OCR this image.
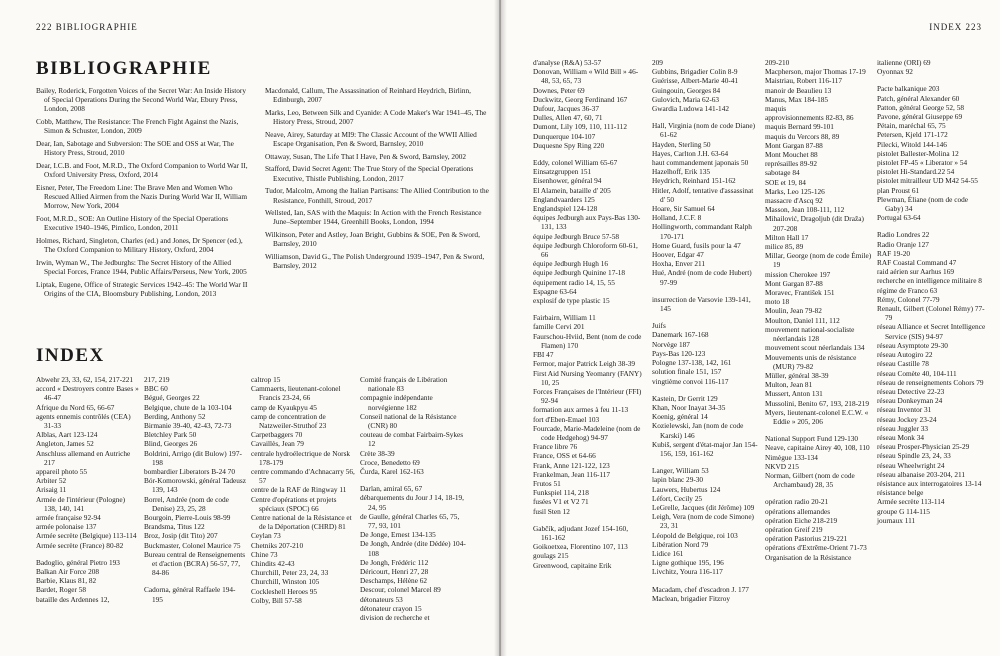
222 BIBLIOGRAPHIE
BIBLIOGRAPHIE

Bailey, Roderick, Forgotten Voices of the Secret War: An Inside History of Special Operations During the Second World War, Ebury Press, London, 2008

Cobb, Matthew, The Resistance: The French Fight Against the Nazis, Simon & Schuster, London, 2009

Dear, Ian, Sabotage and Subversion: The SOE and OSS at War, The History Press, Stroud, 2010

Dear, I.C.B. and Foot, M.R.D., The Oxford Companion to World War II, Oxford University Press, Oxford, 2014

Eisner, Peter, The Freedom Line: The Brave Men and Women Who Rescued Allied Airmen from the Nazis During World War II, William Morrow, New York, 2004

Foot, M.R.D., SOE: An Outline History of the Special Operations Executive 1940–1946, Pimlico, London, 2011

Holmes, Richard, Singleton, Charles (ed.) and Jones, Dr Spencer (ed.), The Oxford Companion to Military History, Oxford, 2004

Irwin, Wyman W., The Jedburghs: The Secret History of the Allied Special Forces, France 1944, Public Affairs/Perseus, New York, 2005

Liptak, Eugene, Office of Strategic Services 1942–45: The World War II Origins of the CIA, Bloomsbury Publishing, London, 2013

Macdonald, Callum, The Assassination of Reinhard Heydrich, Birlinn, Edinburgh, 2007

Marks, Leo, Between Silk and Cyanide: A Code Maker's War 1941–45, The History Press, Stroud, 2007

Neave, Airey, Saturday at MI9: The Classic Account of the WWII Allied Escape Organisation, Pen & Sword, Barnsley, 2010

Ottaway, Susan, The Life That I Have, Pen & Sword, Barnsley, 2002

Stafford, David Secret Agent: The True Story of the Special Operations Executive, Thistle Publishing, London, 2017

Tudor, Malcolm, Among the Italian Partisans: The Allied Contribution to the Resistance, Fonthill, Stroud, 2017

Wellsted, Ian, SAS with the Maquis: In Action with the French Resistance June–September 1944, Greenhill Books, London, 1994

Wilkinson, Peter and Astley, Joan Bright, Gubbins & SOE, Pen & Sword, Barnsley, 2010

Williamson, David G., The Polish Underground 1939–1947, Pen & Sword, Barnsley, 2012

INDEX

Abwehr 23, 33, 62, 154, 217-221

accord « Destroyers contre Bases » 46-47

Afrique du Nord 65, 66-67

agents ennemis contrôlés (CEA) 31-33

Alblas, Aart 123-124

Angleton, James 52

Anschluss allemand en Autriche 217

appareil photo 55

Arbiter 52

Arisaig 11

Armée de l'intérieur (Pologne) 138, 140, 141

armée française 92-94

armée polonaise 137

Armée secrète (Belgique) 113-114

Armée secrète (France) 80-82

Badoglio, général Pietro 193

Balkan Air Force 208

Barbie, Klaus 81, 82

Bardet, Roger 58

bataille des Ardennes 12,

217, 219

BBC 60

Bégué, Georges 22

Belgique, chute de la 103-104

Berding, Anthony 52

Birmanie 39-40, 42-43, 72-73

Bletchley Park 50

Blind, Georges 26

Boldrini, Arrigo (dit Bulow) 197-198

bombardier Liberators B-24 70

Bór-Komorowski, général Tadeusz 139, 143

Borrel, Andrée (nom de code Denise) 23, 25, 28

Bourgoin, Pierre-Louis 98-99

Brandsma, Titus 122

Broz, Josip (dit Tito) 207

Buckmaster, Colonel Maurice 75

Bureau central de Renseignements et d'action (BCRA) 56-57, 77, 84-86

Cadorna, général Raffaele 194-195

caltrop 15

Cammaerts, lieutenant-colonel Francis 23-24, 66

camp de Kyaukpyu 45

camp de concentration de Natzweiler-Struthof 23

Carpetbaggers 70

Cavaillès, Jean 79

centrale hydroélectrique de Norsk 178-179

centre commando d'Achnacarry 56, 57

centre de la RAF de Ringway 11

Centre d'opérations et projets spéciaux (SPOC) 66

Centre national de la Résistance et de la Déportation (CHRD) 81

Ceylan 73

Chetniks 207-210

Chine 73

Chindits 42-43

Churchill, Peter 23, 24, 33

Churchill, Winston 105

Cockleshell Heroes 95

Colby, Bill 57-58

Comité français de Libération nationale 83

compagnie indépendante norvégienne 182

Conseil national de la Résistance (CNR) 80

couteau de combat Fairbairn-Sykes 12

Crète 38-39

Croce, Benedetto 69

Čurda, Karel 162-163

Darlan, amiral 65, 67

débarquements du Jour J 14, 18-19, 24, 95

de Gaulle, général Charles 65, 75, 77, 93, 101

De Jonge, Ernest 134-135

De Jongh, Andrée (dite Dédée) 104-108

De Jongh, Frédéric 112

Déricourt, Henri 27, 28

Deschamps, Hélène 62

Descour, colonel Marcel 89

détonateurs 53

détonateur crayon 15

division de recherche et

INDEX 223

d'analyse (R&A) 53-57

Donovan, William « Wild Bill » 46-48, 53, 65, 73

Downes, Peter 69

Duckwitz, Georg Ferdinand 167

Dufour, Jacques 36-37

Dulles, Allen 47, 60, 71

Dumont, Lily 109, 110, 111-112

Dunquerque 104-107

Duquesne Spy Ring 220

Eddy, colonel William 65-67

Einsatzgruppen 151

Eisenhower, général 94

El Alamein, bataille d' 205

Englandvaarders 125

Englandspiel 124-128

équipes Jedburgh aux Pays-Bas 130-131, 133

équipe Jedburgh Bruce 57-58

équipe Jedburgh Chloroform 60-61, 66

équipe Jedburgh Hugh 16

équipe Jedburgh Quinine 17-18

équipement radio 14, 15, 55

Espagne 63-64

explosif de type plastic 15

Fairbairn, William 11

famille Cervi 201

Faurschou-Hviid, Bent (nom de code Flamen) 170

FBI 47

Fermor, major Patrick Leigh 38-39

First Aid Nursing Yeomanry (FANY) 10, 25

Forces Françaises de l'Intérieur (FFI) 92-94

formation aux armes à feu 11-13

fort d'Eben-Emael 103

Fourcade, Marie-Madeleine (nom de code Hedgehog) 94-97

France libre 76

France, OSS et 64-66

Frank, Anne 121-122, 123

Frankelman, Jean 116-117

Frutos 51

Funkspiel 114, 218

fusées V1 et V2 71

fusil Sten 12

Gabčík, adjudant Jozef 154-160, 161-162

Goikoetxea, Florentino 107, 113

goulags 215

Greenwood, capitaine Erik

209

Gubbins, Brigadier Colin 8-9

Guérisse, Albert-Marie 40-41

Guingouin, Georges 84

Gulovich, Maria 62-63

Gwardia Ludowa 141-142

Hall, Virginia (nom de code Diane) 61-62

Hayden, Sterling 50

Hayes, Carlton J.H. 63-64

haut commandement japonais 50

Hazelhoff, Erik 135

Heydrich, Reinhard 151-162

Hitler, Adolf, tentative d'assassinat d' 50

Hoare, Sir Samuel 64

Holland, J.C.F. 8

Hollingworth, commandant Ralph 170-171

Home Guard, fusils pour la 47

Hoover, Edgar 47

Hoxha, Enver 211

Hué, André (nom de code Hubert) 97-99

insurrection de Varsovie 139-141, 145

Juifs

Danemark 167-168

Norvège 187

Pays-Bas 120-123

Pologne 137-138, 142, 161

solution finale 151, 157

vingtième convoi 116-117

Kastein, Dr Gerrit 129

Khan, Noor Inayat 34-35

Koenig, général 14

Kozielewski, Jan (nom de code Karski) 146

Kubiš, sergent d'état-major Jan 154-156, 159, 161-162

Langer, William 53

lapin blanc 29-30

Lauwers, Hubertus 124

Léfort, Cecily 25

LeGrelle, Jacques (dit Jérôme) 109

Leigh, Vera (nom de code Simone) 23, 31

Léopold de Belgique, roi 103

Libération Nord 79

Lidice 161

Ligne gothique 195, 196

Livchitz, Youra 116-117

Macadam, chef d'escadron J. 177

Maclean, brigadier Fitzroy

209-210

Macpherson, major Thomas 17-19

Maistriau, Robert 116-117

manoir de Beaulieu 13

Manus, Max 184-185

maquis

approvisionnements 82-83, 86

maquis Bernard 99-101

maquis du Vercors 88, 89

Mont Gargan 87-88

Mont Mouchet 88

représailles 89-92

sabotage 84

SOE et 19, 84

Marks, Leo 125-126

massacre d'Ascq 92

Masson, Jean 108-111, 112

Mihailović, Dragoljub (dit Draža) 207-208

Milton Hall 17

milice 85, 89

Millar, George (nom de code Émile) 19

mission Cherokee 197

Mont Gargan 87-88

Moravec, František 151

moto 18

Moulin, Jean 79-82

Moulton, Daniel 111, 112

mouvement national-socialiste néerlandais 128

mouvement scout néerlandais 134

Mouvements unis de résistance (MUR) 79-82

Müller, général 38-39

Multon, Jean 81

Mussert, Anton 131

Mussolini, Benito 67, 193, 218-219

Myers, lieutenant-colonel E.C.W. « Eddie » 205, 206

National Support Fund 129-130

Neave, capitaine Airey 40, 108, 110

Nimègue 133-134

NKVD 215

Norman, Gilbert (nom de code Archambaud) 28, 35

opération radio 20-21

opérations allemandes

opération Eiche 218-219

opération Greif 219

opération Pastorius 219-221

opérations d'Extrême-Orient 71-73

Organisation de la Résistance

italienne (ORI) 69

Oyonnax 92

Pacte balkanique 203

Patch, général Alexander 60

Patton, général George 52, 58

Pavone, général Giuseppe 69

Pétain, maréchal 65, 75

Petersen, Kjeld 171-172

Pilecki, Witold 144-146

pistolet Ballester-Molina 12

pistolet FP-45 « Liberator » 54

pistolet Hi-Standard.22 54

pistolet mitrailleur UD M42 54-55

plan Proust 61

Plewman, Éliane (nom de code Gaby) 34

Portugal 63-64

Radio Londres 22

Radio Oranje 127

RAF 19-20

RAF Coastal Command 47

raid aérien sur Aarhus 169

recherche en intelligence militaire 8

régime de Franco 63

Rémy, Colonel 77-79

Renault, Gilbert (Colonel Rémy) 77-79

réseau Alliance et Secret Intelligence Service (SIS) 94-97

réseau Asymptote 29-30

réseau Autogiro 22

réseau Castille 78

réseau Comète 40, 104-111

réseau de renseignements Cohors 79

réseau Detective 22-23

réseau Donkeyman 24

réseau Inventor 31

réseau Jockey 23-24

réseau Juggler 33

réseau Monk 34

réseau Prosper-Physician 25-29

réseau Spindle 23, 24, 33

réseau Wheelwright 24

réseau albanaise 203-204, 211

résistance aux interrogatoires 13-14

résistance belge

Armée secrète 113-114

groupe G 114-115

journaux 111
